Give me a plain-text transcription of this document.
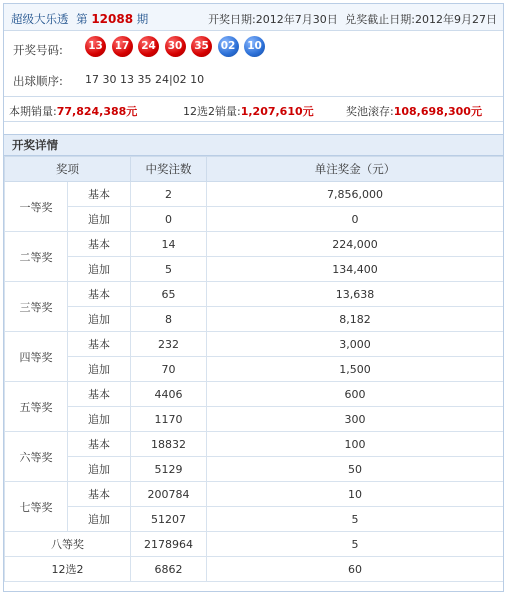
超级大乐透 第 12088 期	开奖日期:2012年7月30日 兑奖截止日期:2012年9月27日
开奖号码:	13	17	24	30	35	02	10
出球顺序: 17 30 13 35 24|02 10
本期销量:77,824,388元	12选2销量:1,207,610元	奖池滚存:108,698,300元
开奖详情
奖项		中奖注数	单注奖金（元）
一等奖	基本	2	7,856,000
	追加	0	0
二等奖	基本	14	224,000
	追加	5	134,400
三等奖	基本	65	13,638
	追加	8	8,182
四等奖	基本	232	3,000
	追加	70	1,500
五等奖	基本	4406	600
	追加	1170	300
六等奖	基本	18832	100
	追加	5129	50
七等奖	基本	200784	10
	追加	51207	5
八等奖		2178964	5
12选2		6862	60
